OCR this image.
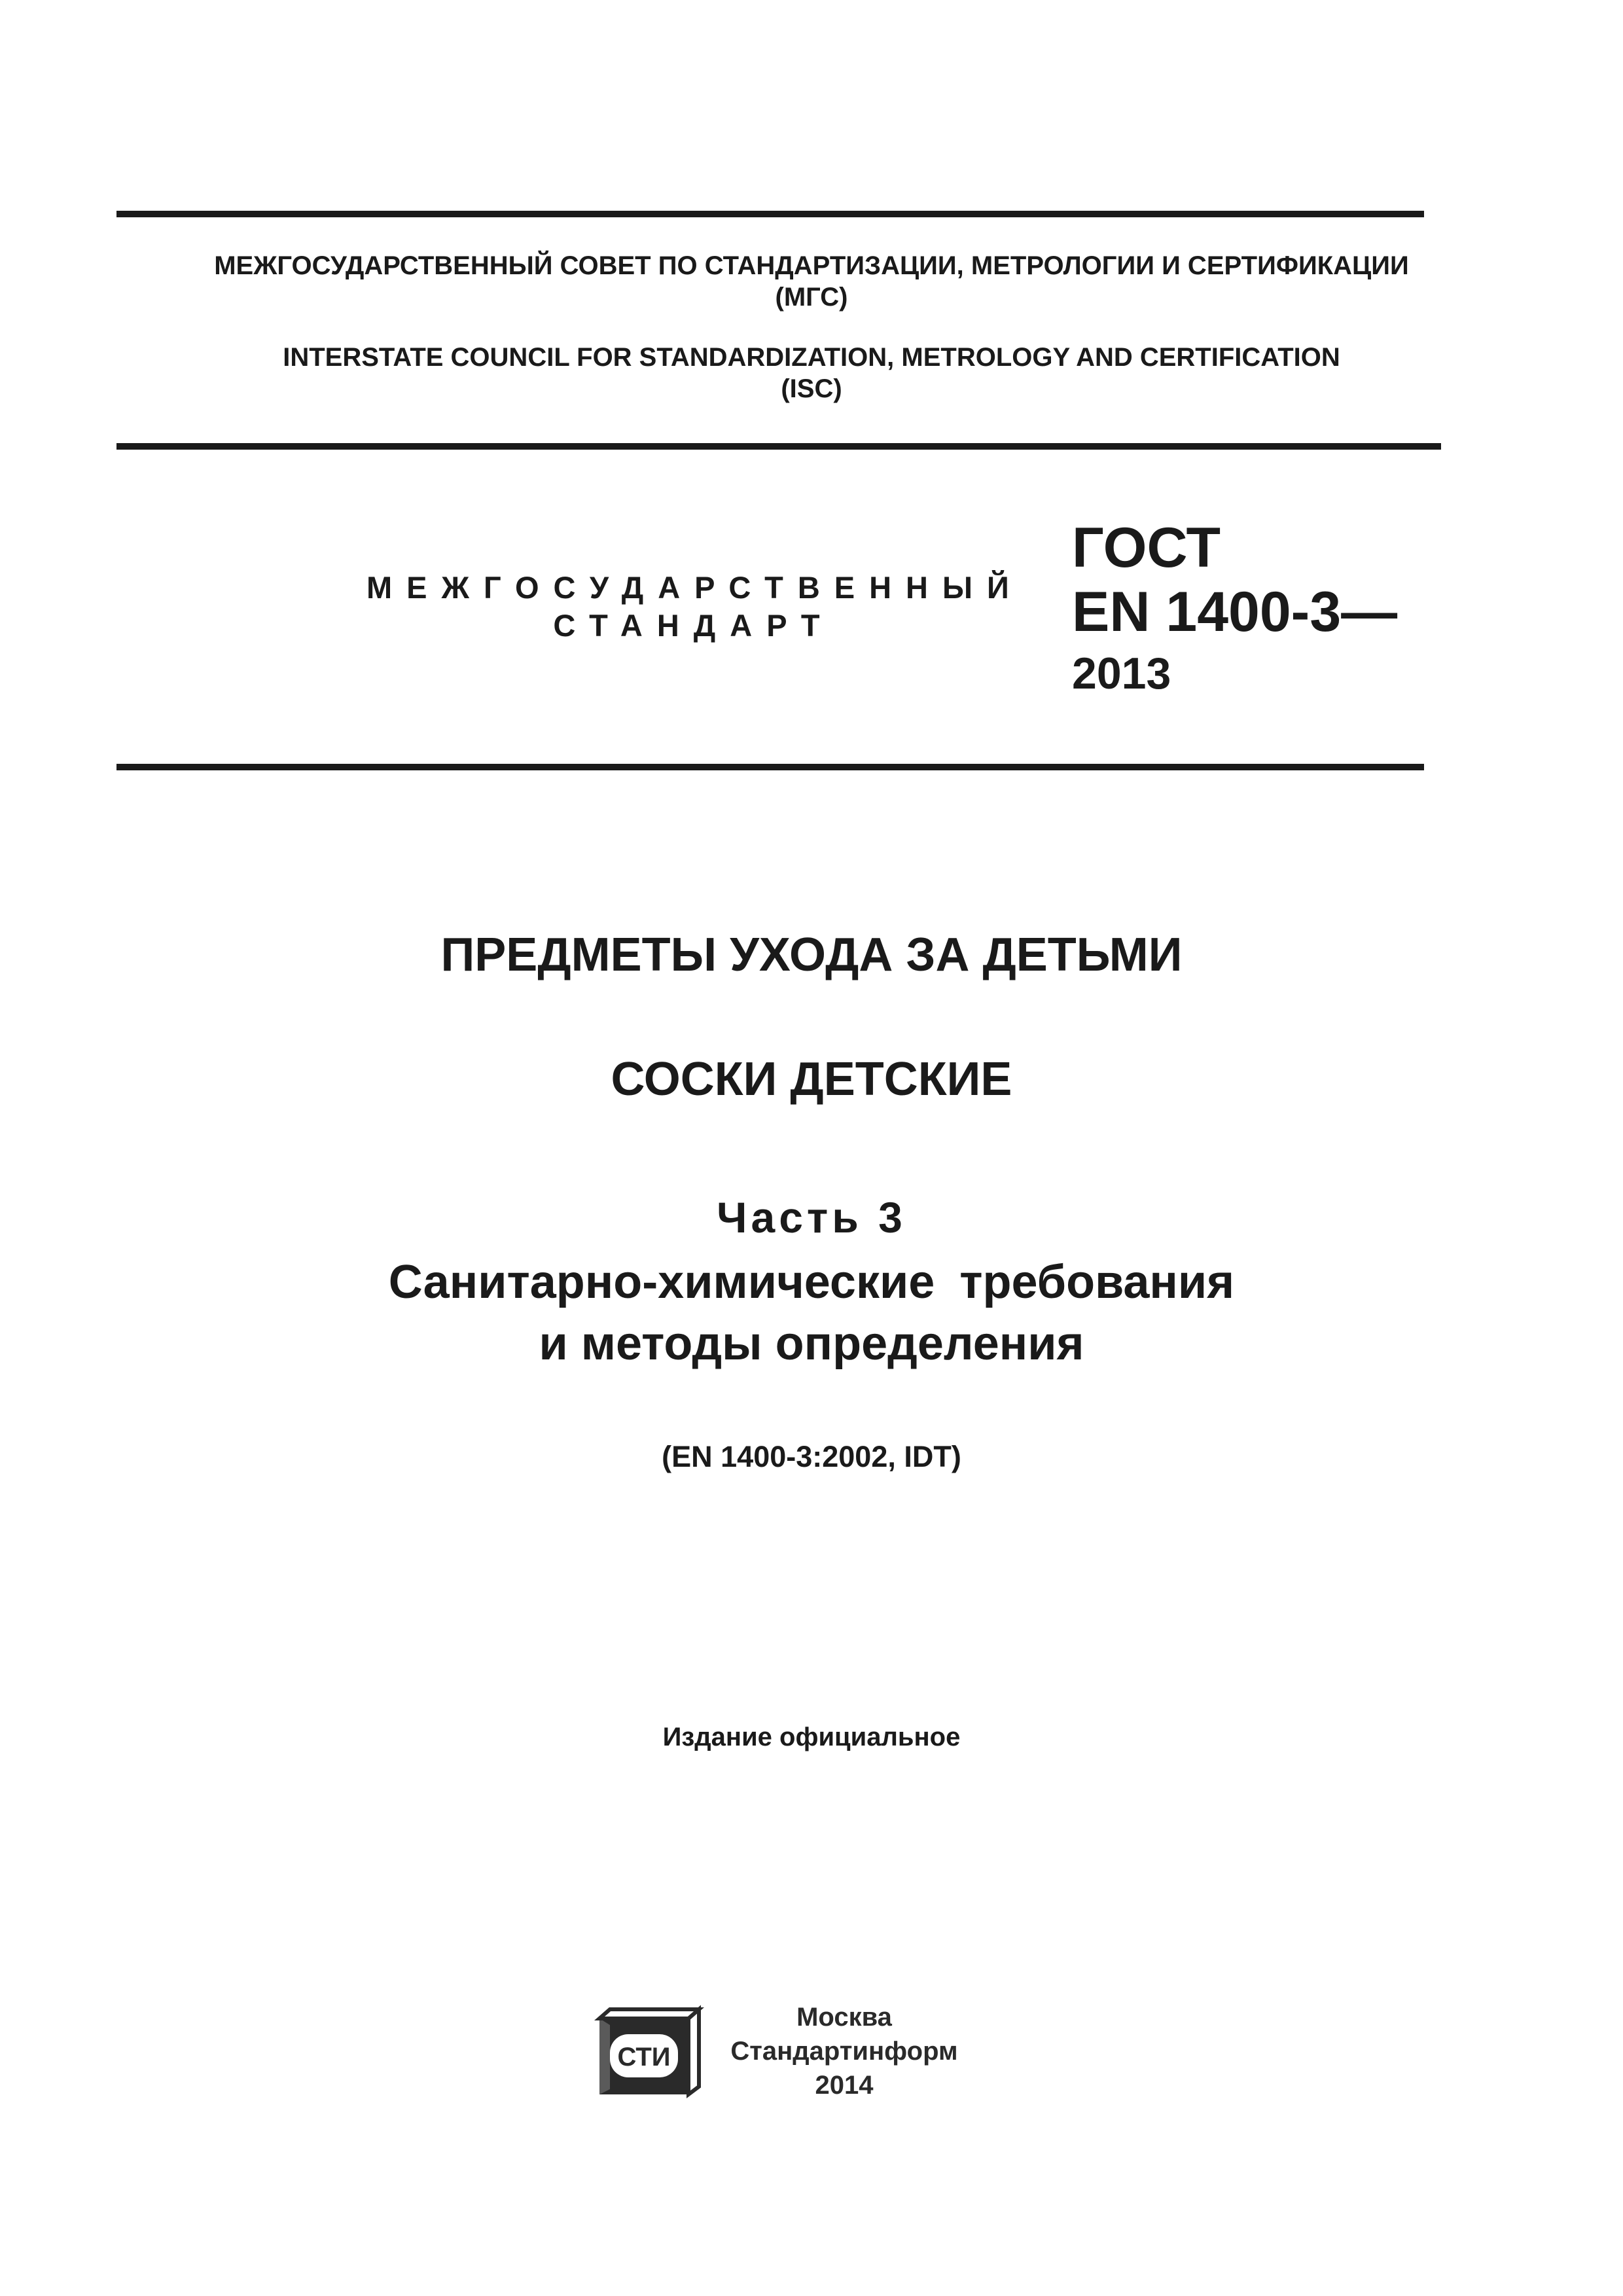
МЕЖГОСУДАРСТВЕННЫЙ СОВЕТ ПО СТАНДАРТИЗАЦИИ, МЕТРОЛОГИИ И СЕРТИФИКАЦИИ
(МГС)
INTERSTATE COUNCIL FOR STANDARDIZATION, METROLOGY AND CERTIFICATION
(ISC)
МЕЖГОСУДАРСТВЕННЫЙ
СТАНДАРТ
ГОСТ
EN 1400-3—
2013
ПРЕДМЕТЫ УХОДА ЗА ДЕТЬМИ
СОСКИ ДЕТСКИЕ
Часть 3
Санитарно-химические требования
и методы определения
(EN 1400-3:2002, IDT)
Издание официальное
СТИ
Москва
Стандартинформ
2014
